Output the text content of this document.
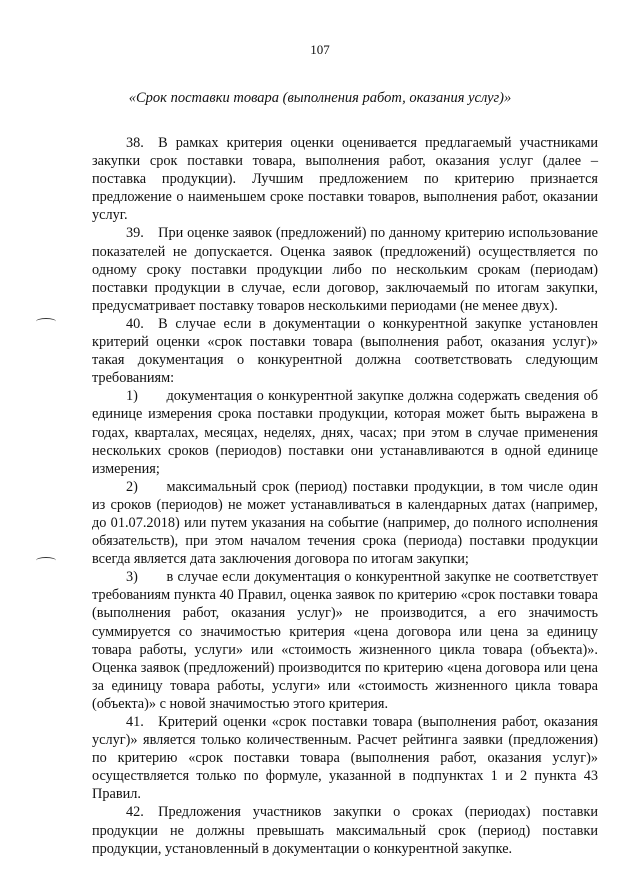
107
«Срок поставки товара (выполнения работ, оказания услуг)»

38. В рамках критерия оценки оценивается предлагаемый участниками закупки срок поставки товара, выполнения работ, оказания услуг (далее – поставка продукции). Лучшим предложением по критерию признается предложение о наименьшем сроке поставки товаров, выполнения работ, оказании услуг.

39. При оценке заявок (предложений) по данному критерию использование показателей не допускается. Оценка заявок (предложений) осуществляется по одному сроку поставки продукции либо по нескольким срокам (периодам) поставки продукции в случае, если договор, заключаемый по итогам закупки, предусматривает поставку товаров несколькими периодами (не менее двух).

40. В случае если в документации о конкурентной закупке установлен критерий оценки «срок поставки товара (выполнения работ, оказания услуг)» такая документация о конкурентной должна соответствовать следующим требованиям:

1)  документация о конкурентной закупке должна содержать сведения об единице измерения срока поставки продукции, которая может быть выражена в годах, кварталах, месяцах, неделях, днях, часах; при этом в случае применения нескольких сроков (периодов) поставки они устанавливаются в одной единице измерения;

2)  максимальный срок (период) поставки продукции, в том числе один из сроков (периодов) не может устанавливаться в календарных датах (например, до 01.07.2018) или путем указания на событие (например, до полного исполнения обязательств), при этом началом течения срока (периода) поставки продукции всегда является дата заключения договора по итогам закупки;

3)  в случае если документация о конкурентной закупке не соответствует требованиям пункта 40 Правил, оценка заявок по критерию «срок поставки товара (выполнения работ, оказания услуг)» не производится, а его значимость суммируется со значимостью критерия «цена договора или цена за единицу товара работы, услуги» или «стоимость жизненного цикла товара (объекта)». Оценка заявок (предложений) производится по критерию «цена договора или цена за единицу товара работы, услуги» или «стоимость жизненного цикла товара (объекта)» с новой значимостью этого критерия.

41. Критерий оценки «срок поставки товара (выполнения работ, оказания услуг)» является только количественным. Расчет рейтинга заявки (предложения) по критерию «срок поставки товара (выполнения работ, оказания услуг)» осуществляется только по формуле, указанной в подпунктах 1 и 2 пункта 43 Правил.

42. Предложения участников закупки о сроках (периодах) поставки продукции не должны превышать максимальный срок (период) поставки продукции, установленный в документации о конкурентной закупке.
